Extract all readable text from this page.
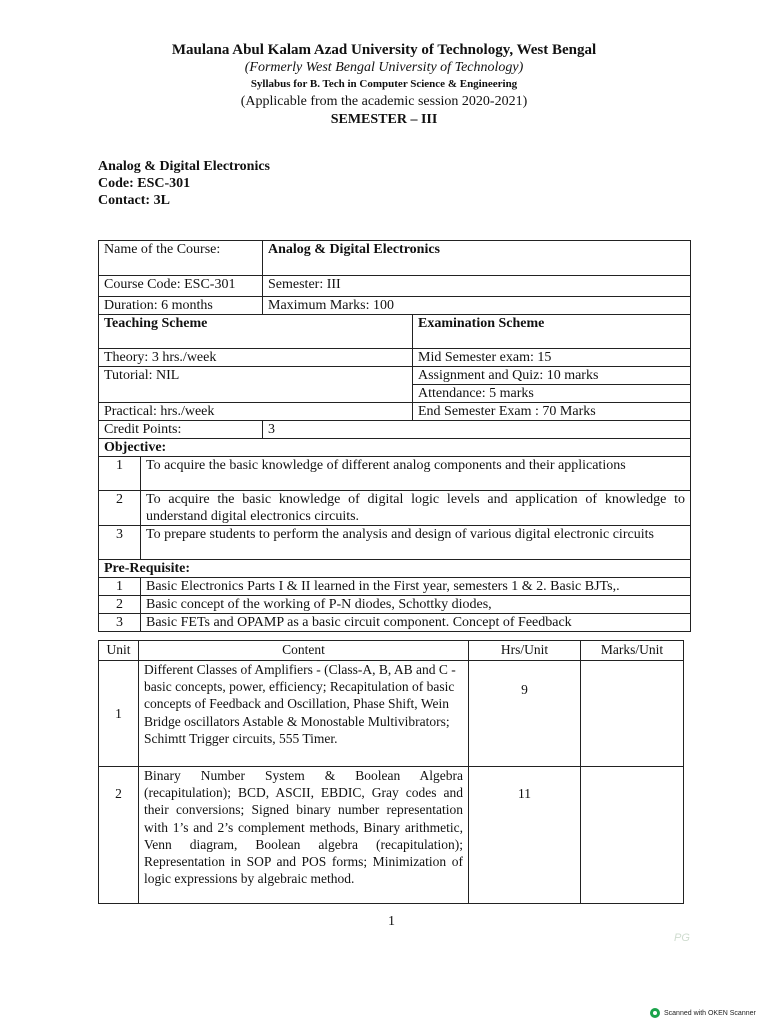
Maulana Abul Kalam Azad University of Technology, West Bengal
(Formerly West Bengal University of Technology)
Syllabus for B. Tech in Computer Science & Engineering
(Applicable from the academic session 2020-2021)
SEMESTER – III
Analog & Digital Electronics
Code: ESC-301
Contact: 3L
Name of the Course:		Analog & Digital Electronics	
Course Code: ESC-301		Semester: III	
Duration: 6 months		Maximum Marks: 100	
Teaching Scheme			Examination Scheme
Theory: 3 hrs./week			Mid Semester exam: 15
Tutorial: NIL			Assignment and Quiz: 10 marks
			Attendance: 5 marks
Practical: hrs./week			End Semester Exam : 70 Marks
Credit Points:		3	
Objective:			
1	To acquire the basic knowledge of different analog components and their applications		
2	To acquire the basic knowledge of digital logic levels and application of knowledge to understand digital electronics circuits.		
3	To prepare students to perform the analysis and design of various digital electronic circuits		
Pre-Requisite:			
1	Basic Electronics Parts I & II learned in the First year, semesters 1 & 2. Basic BJTs,.		
2	Basic concept of the working of P-N diodes, Schottky diodes,		
3	Basic FETs and OPAMP as a basic circuit component. Concept of Feedback		
Unit	Content	Hrs/Unit	Marks/Unit
1	Different Classes of Amplifiers - (Class-A, B, AB and C - basic concepts, power, efficiency; Recapitulation of basic concepts of Feedback and Oscillation, Phase Shift, Wein Bridge oscillators Astable & Monostable Multivibrators; Schimtt Trigger circuits, 555 Timer.	9	
2	Binary Number System & Boolean Algebra (recapitulation); BCD, ASCII, EBDIC, Gray codes and their conversions; Signed binary number representation with 1’s and 2’s complement methods, Binary arithmetic, Venn diagram, Boolean algebra (recapitulation); Representation in SOP and POS forms; Minimization of logic expressions by algebraic method.	11	
1
PG
Scanned with OKEN Scanner
